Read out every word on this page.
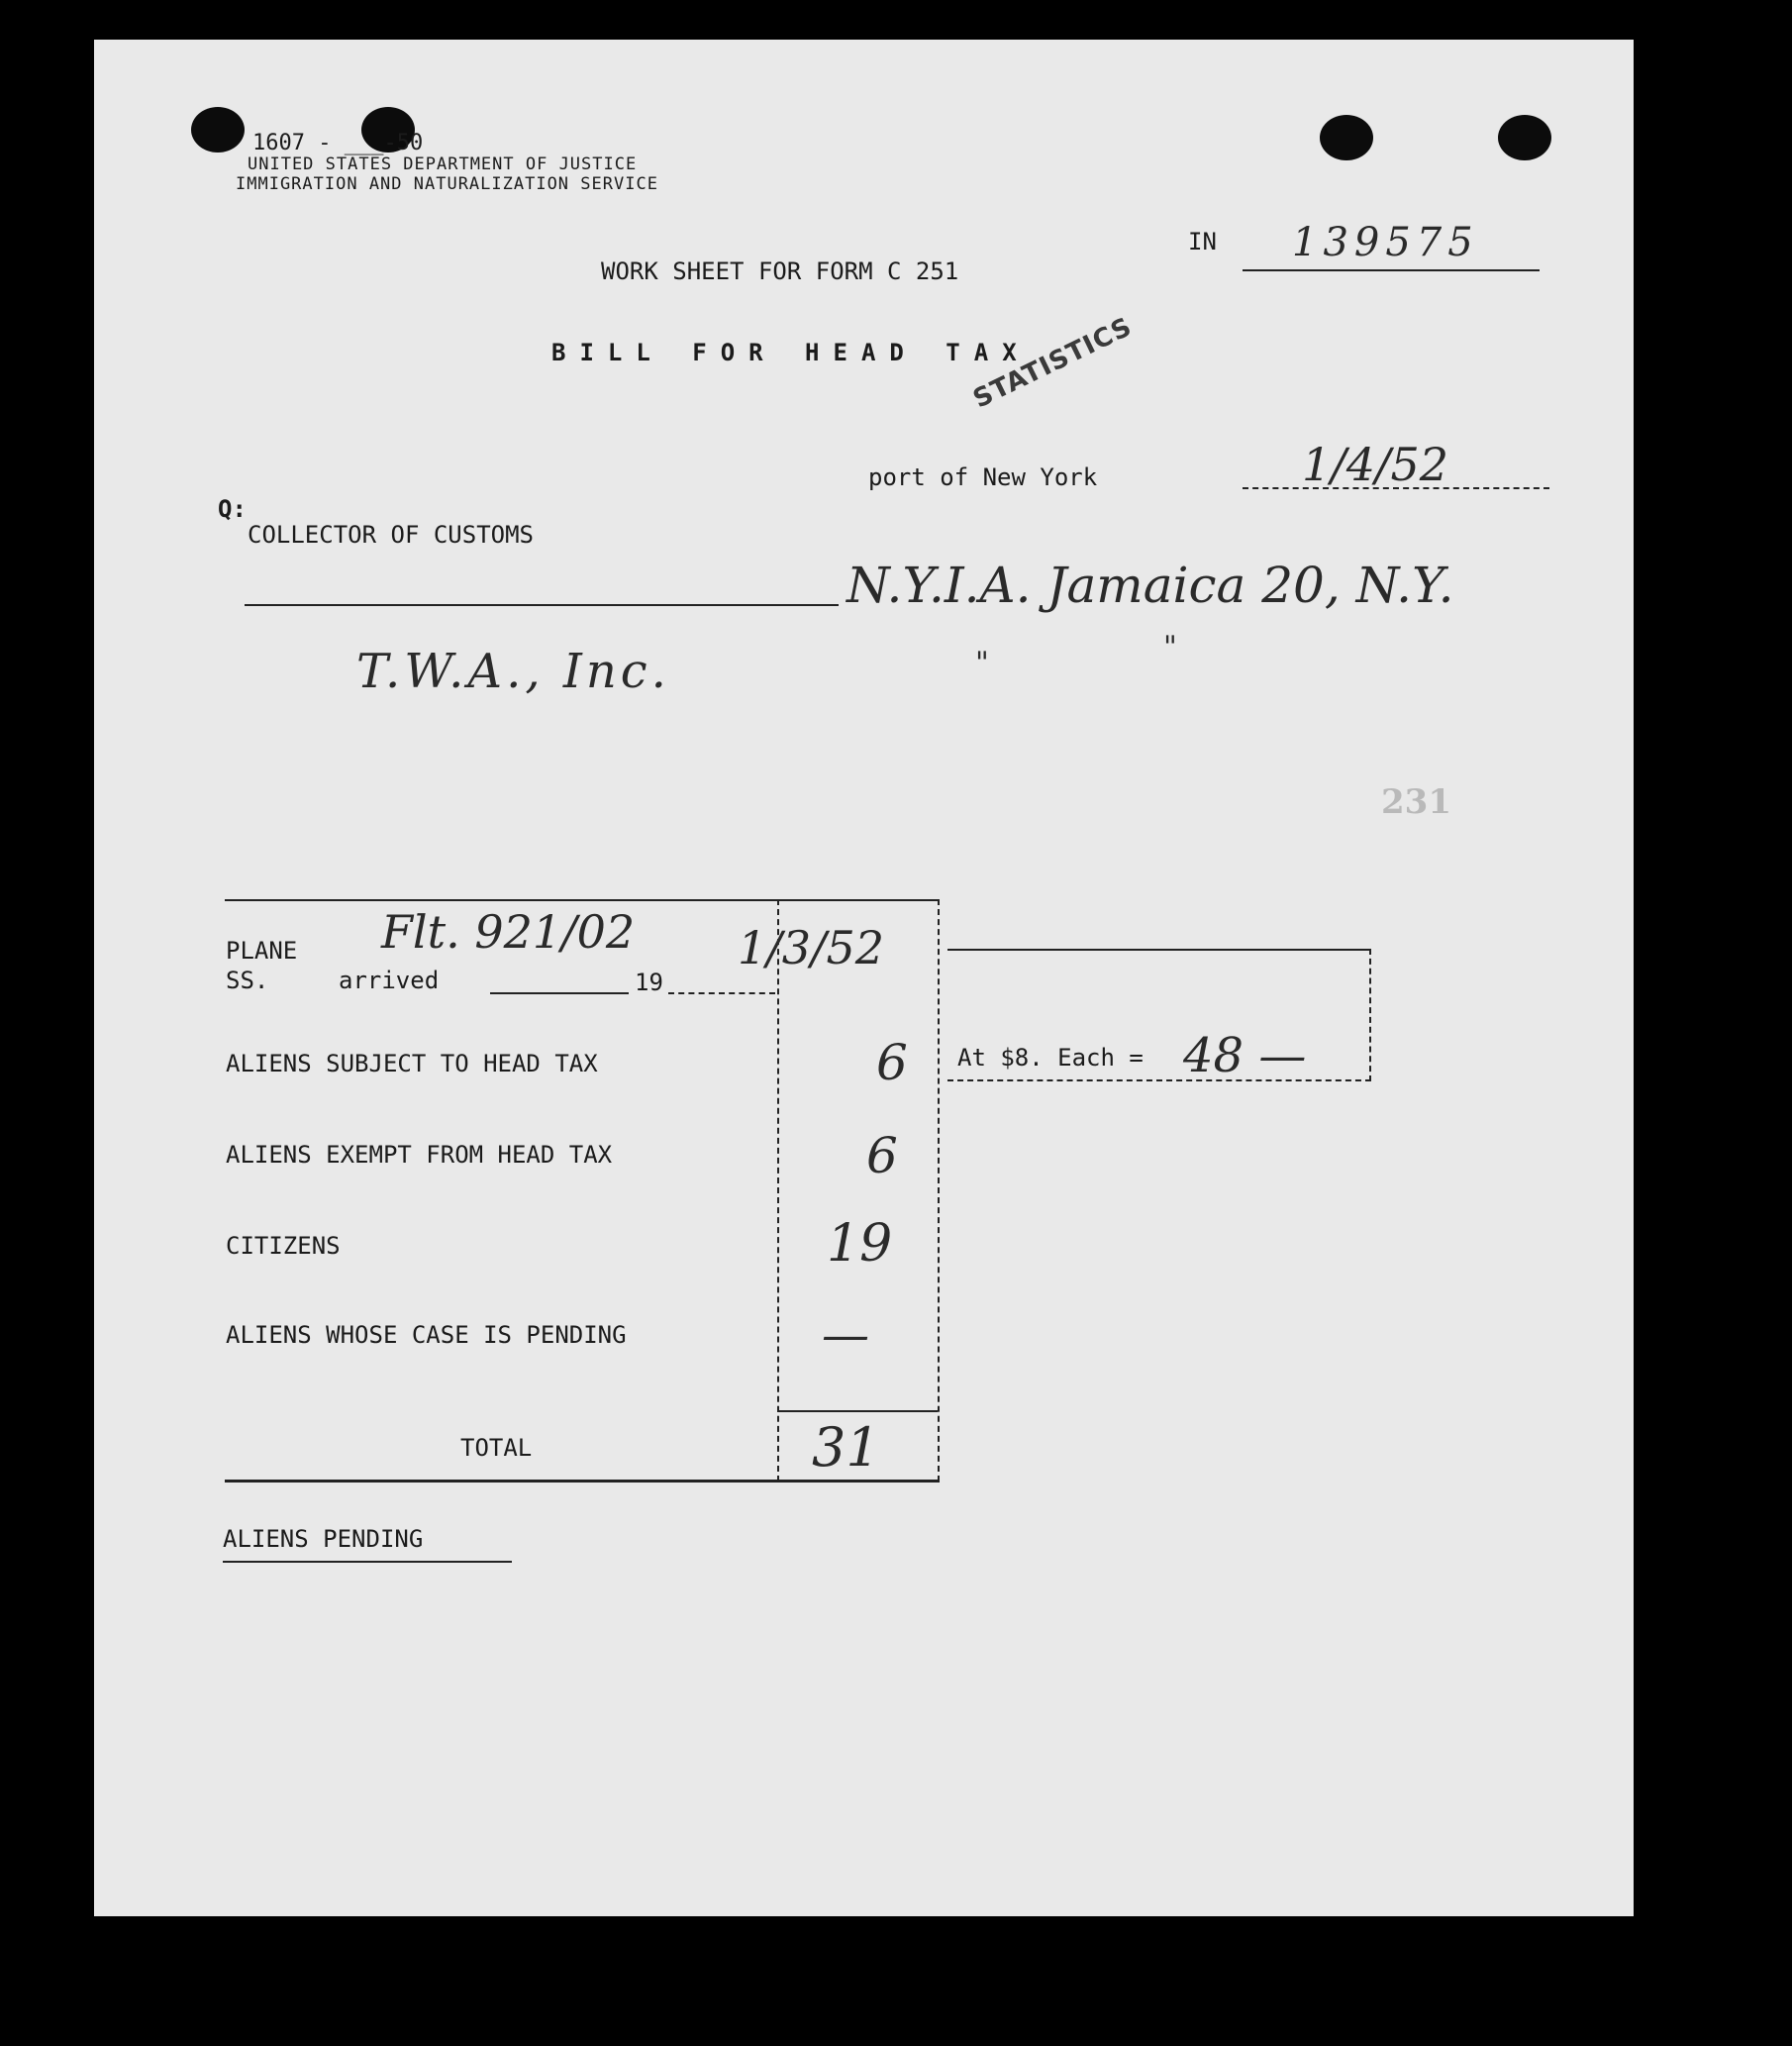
1607 - ___-50
UNITED STATES DEPARTMENT OF JUSTICE
IMMIGRATION AND NATURALIZATION SERVICE
IN 139575
WORK SHEET FOR FORM C 251
BILL FOR HEAD TAX
STATISTICS
port of New York	1/4/52
Q:
COLLECTOR OF CUSTOMS
N.Y.I.A. Jamaica 20, N.Y.
T.W.A., Inc.	"	"
231
PLANE
SS.	arrived	19
Flt. 921/02 1/3/52
ALIENS SUBJECT TO HEAD TAX	6
ALIENS EXEMPT FROM HEAD TAX	6
CITIZENS	19
ALIENS WHOSE CASE IS PENDING	—
TOTAL	31
At $8. Each = 48 —
ALIENS PENDING
